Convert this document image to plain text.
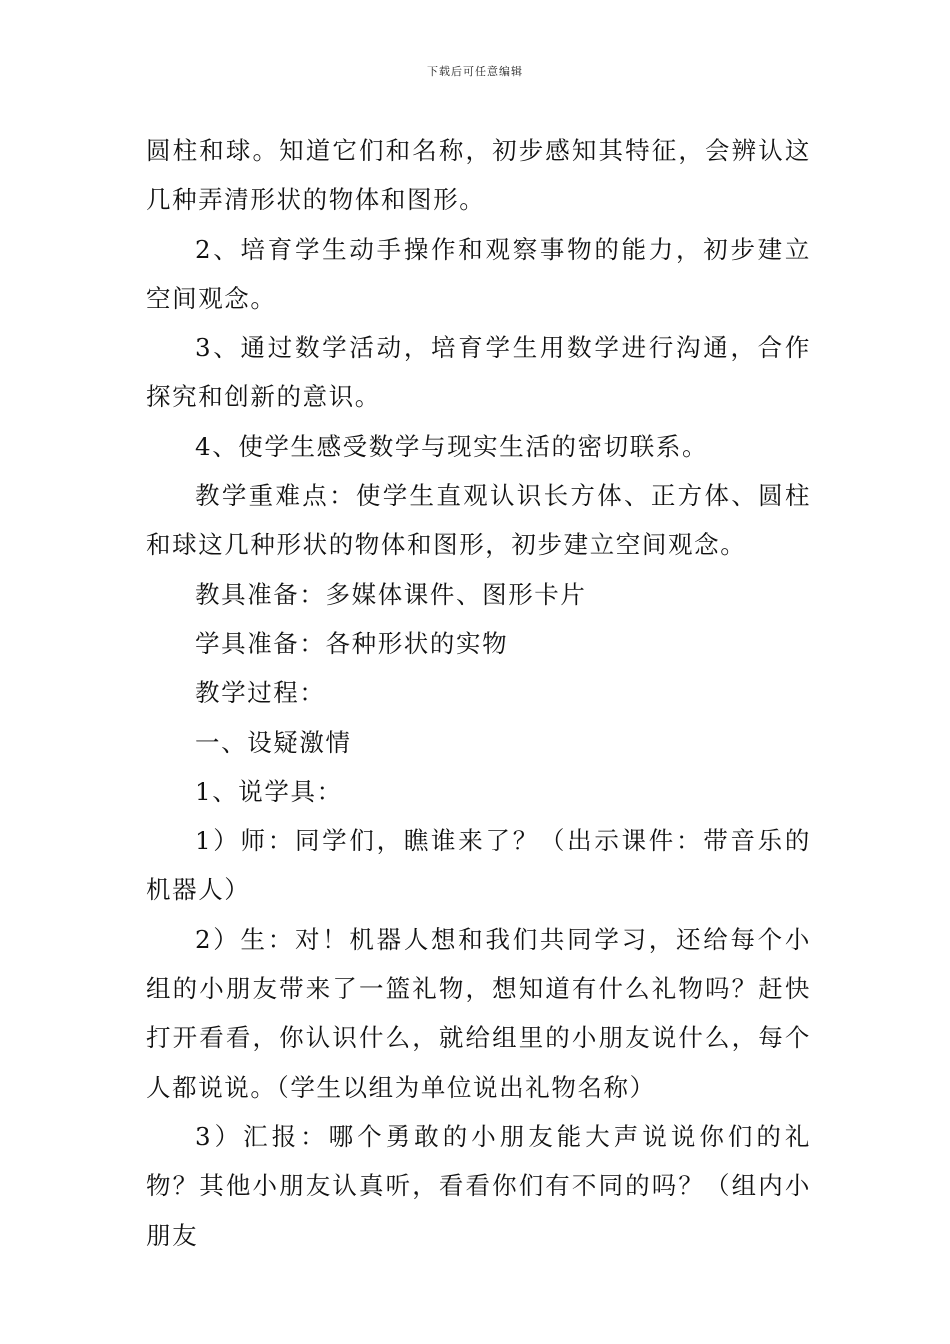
下载后可任意编辑

圆柱和球。知道它们和名称，初步感知其特征，会辨认这几种弄清形状的物体和图形。

2、培育学生动手操作和观察事物的能力，初步建立空间观念。

3、通过数学活动，培育学生用数学进行沟通，合作探究和创新的意识。

4、使学生感受数学与现实生活的密切联系。

教学重难点：使学生直观认识长方体、正方体、圆柱和球这几种形状的物体和图形，初步建立空间观念。

教具准备：多媒体课件、图形卡片

学具准备：各种形状的实物

教学过程：

一、设疑激情

1、说学具：

1）师：同学们，瞧谁来了？（出示课件：带音乐的机器人）

2）生：对！机器人想和我们共同学习，还给每个小组的小朋友带来了一篮礼物，想知道有什么礼物吗？赶快打开看看，你认识什么，就给组里的小朋友说什么，每个人都说说。（学生以组为单位说出礼物名称）

3）汇报：哪个勇敢的小朋友能大声说说你们的礼物？其他小朋友认真听，看看你们有不同的吗？（组内小朋友
